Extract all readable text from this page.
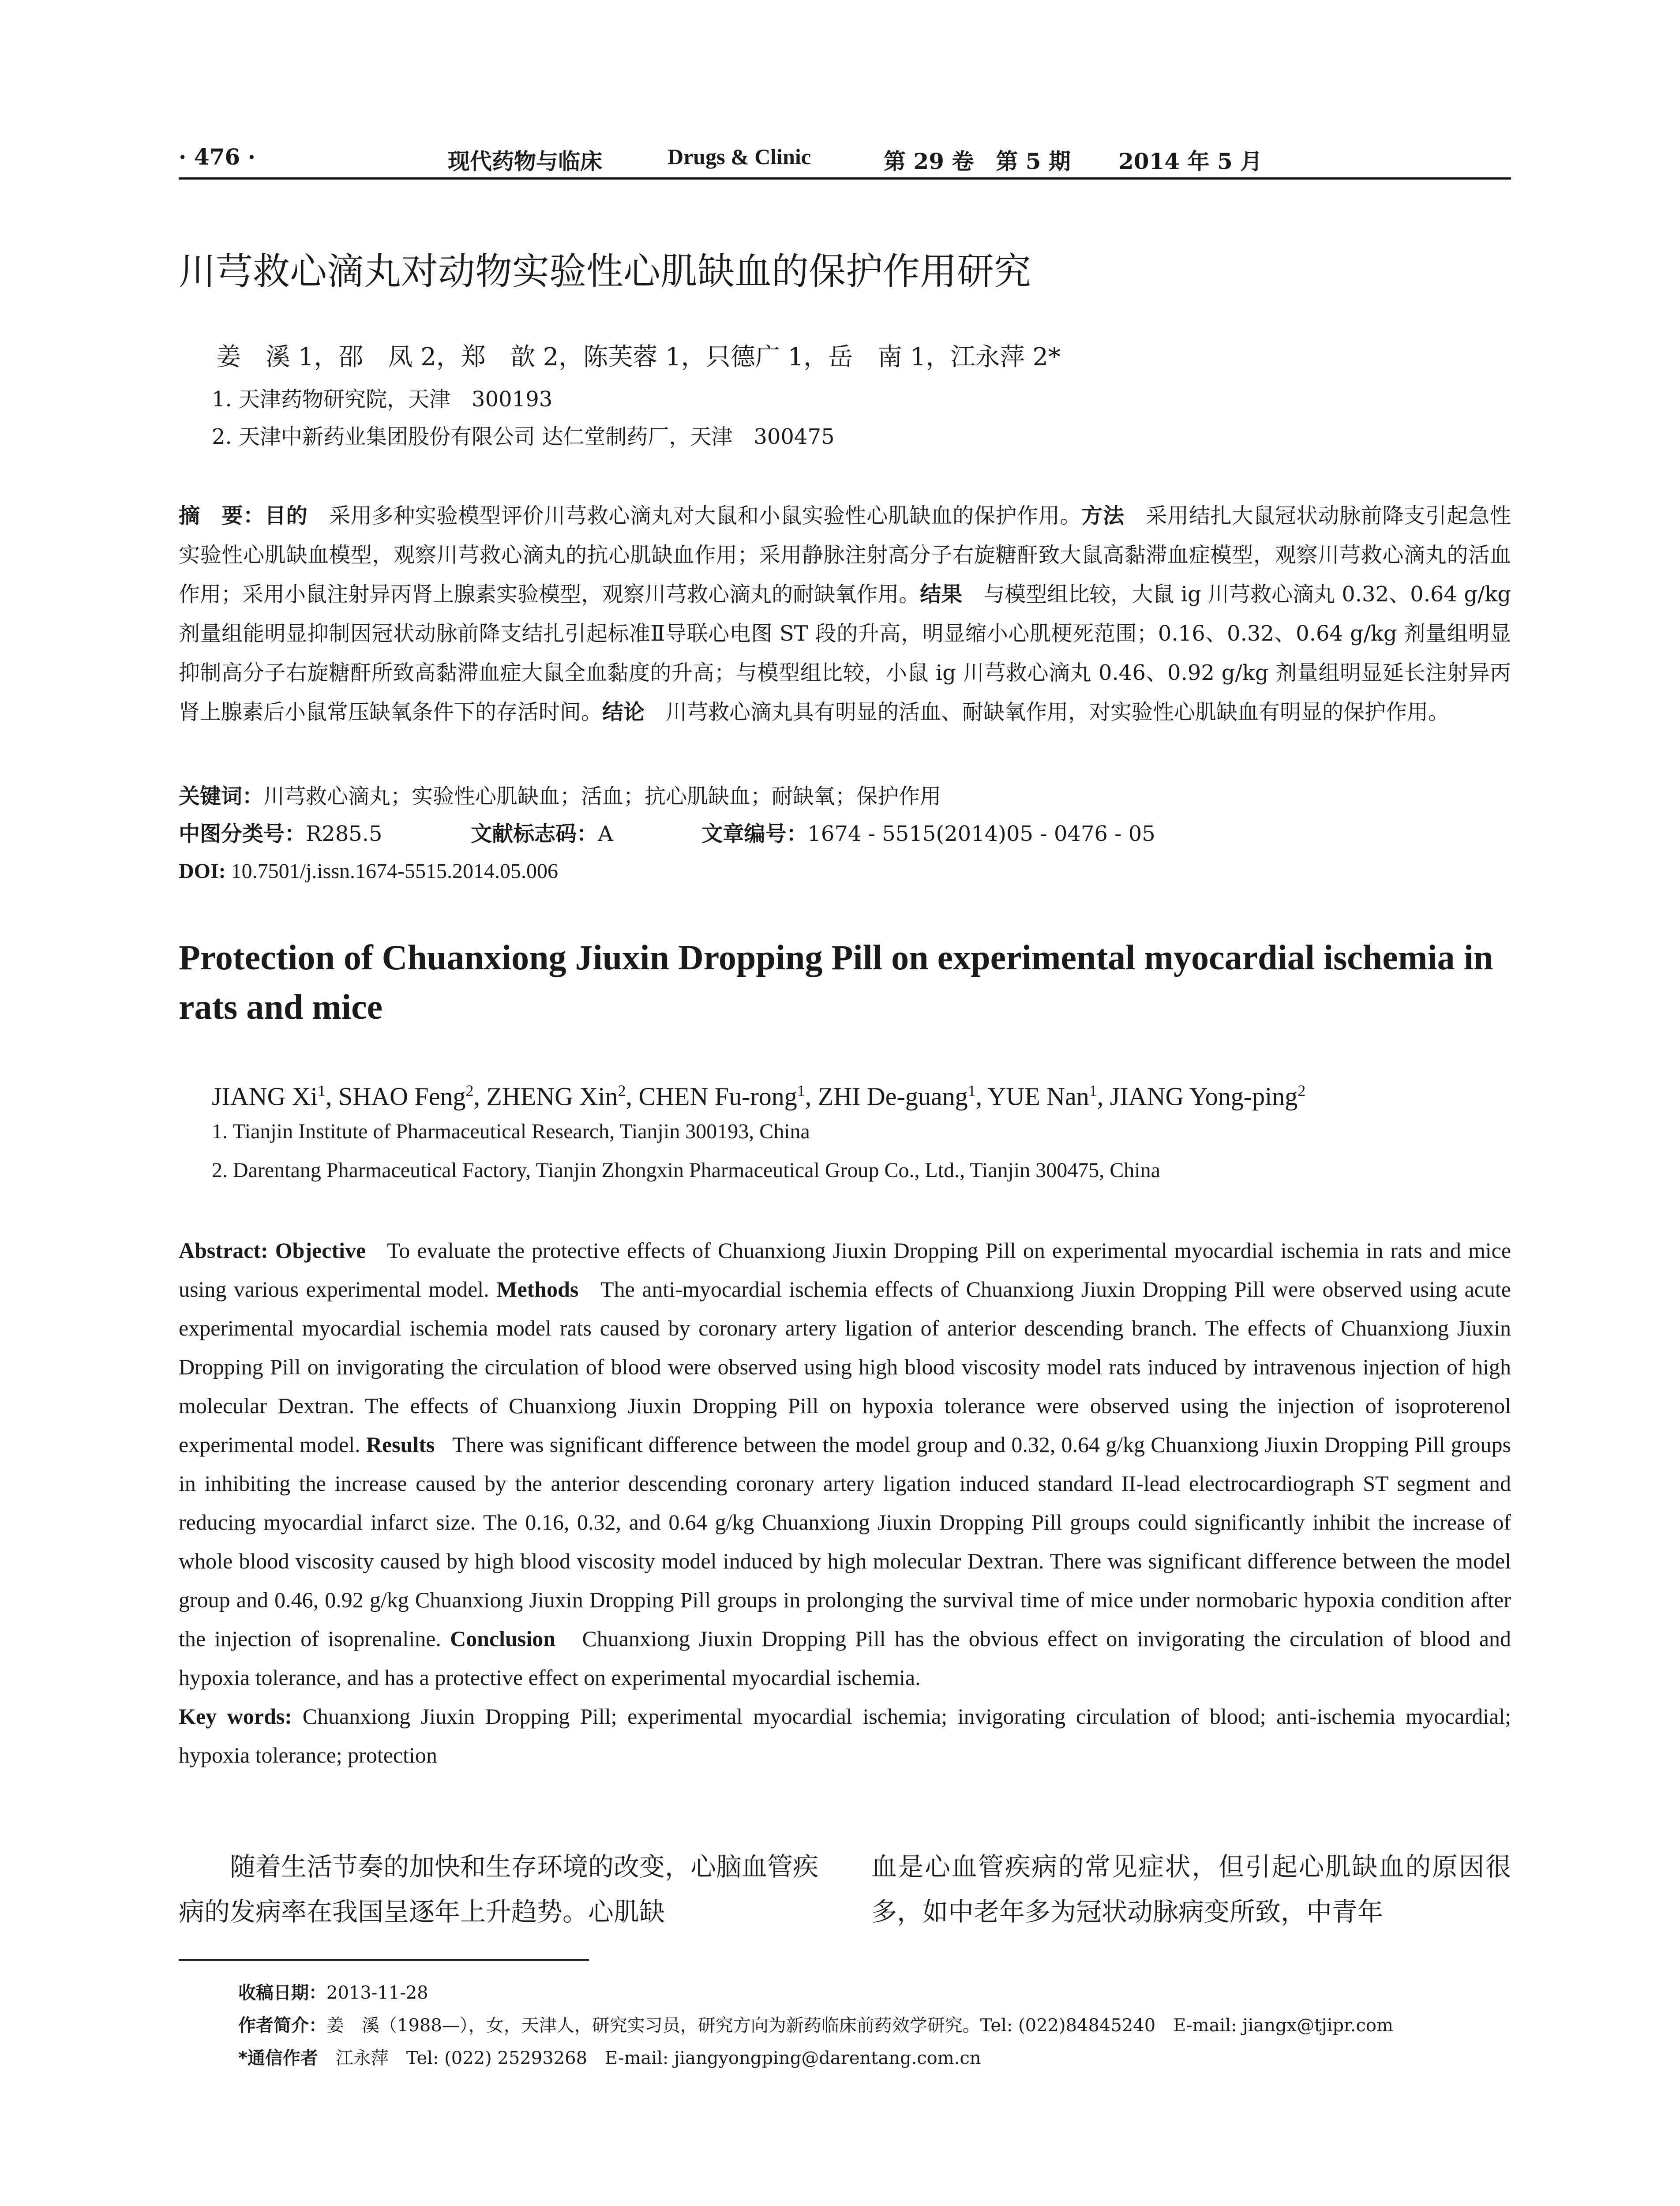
· 476 ·	现代药物与临床	Drugs & Clinic	第 29 卷　第 5 期 2014 年 5 月
川芎救心滴丸对动物实验性心肌缺血的保护作用研究
姜　溪 1，邵　凤 2，郑　歆 2，陈芙蓉 1，只德广 1，岳　南 1，江永萍 2*
1. 天津药物研究院，天津　300193
2. 天津中新药业集团股份有限公司 达仁堂制药厂，天津　300475

摘　要：目的　 采用多种实验模型评价川芎救心滴丸对大鼠和小鼠实验性心肌缺血的保护作用。方法　 采用结扎大鼠冠状动脉前降支引起急性实验性心肌缺血模型，观察川芎救心滴丸的抗心肌缺血作用；采用静脉注射高分子右旋糖酐致大鼠高黏滞血症模型，观察川芎救心滴丸的活血作用；采用小鼠注射异丙肾上腺素实验模型，观察川芎救心滴丸的耐缺氧作用。结果　 与模型组比较，大鼠 ig 川芎救心滴丸 0.32、0.64 g/kg 剂量组能明显抑制因冠状动脉前降支结扎引起标准Ⅱ导联心电图 ST 段的升高，明显缩小心肌梗死范围；0.16、0.32、0.64 g/kg 剂量组明显抑制高分子右旋糖酐所致高黏滞血症大鼠全血黏度的升高；与模型组比较，小鼠 ig 川芎救心滴丸 0.46、0.92 g/kg 剂量组明显延长注射异丙肾上腺素后小鼠常压缺氧条件下的存活时间。结论　 川芎救心滴丸具有明显的活血、耐缺氧作用，对实验性心肌缺血有明显的保护作用。

关键词：川芎救心滴丸；实验性心肌缺血；活血；抗心肌缺血；耐缺氧；保护作用
中图分类号：R285.5	文献标志码：A	文章编号：1674 - 5515(2014)05 - 0476 - 05
DOI: 10.7501/j.issn.1674-5515.2014.05.006
Protection of Chuanxiong Jiuxin Dropping Pill on experimental myocardial ischemia in rats and mice
JIANG Xi$^1$, SHAO Feng$^2$, ZHENG Xin$^2$, CHEN Fu-rong$^1$, ZHI De-guang$^1$, YUE Nan$^1$, JIANG Yong-ping$^2$
1. Tianjin Institute of Pharmaceutical Research, Tianjin 300193, China
2. Darentang Pharmaceutical Factory, Tianjin Zhongxin Pharmaceutical Group Co., Ltd., Tianjin 300475, China

Abstract: Objective To evaluate the protective effects of Chuanxiong Jiuxin Dropping Pill on experimental myocardial ischemia in rats and mice using various experimental model. Methods The anti-myocardial ischemia effects of Chuanxiong Jiuxin Dropping Pill were observed using acute experimental myocardial ischemia model rats caused by coronary artery ligation of anterior descending branch. The effects of Chuanxiong Jiuxin Dropping Pill on invigorating the circulation of blood were observed using high blood viscosity model rats induced by intravenous injection of high molecular Dextran. The effects of Chuanxiong Jiuxin Dropping Pill on hypoxia tolerance were observed using the injection of isoproterenol experimental model. Results There was significant difference between the model group and 0.32, 0.64 g/kg Chuanxiong Jiuxin Dropping Pill groups in inhibiting the increase caused by the anterior descending coronary artery ligation induced standard II-lead electrocardiograph ST segment and reducing myocardial infarct size. The 0.16, 0.32, and 0.64 g/kg Chuanxiong Jiuxin Dropping Pill groups could significantly inhibit the increase of whole blood viscosity caused by high blood viscosity model induced by high molecular Dextran. There was significant difference between the model group and 0.46, 0.92 g/kg Chuanxiong Jiuxin Dropping Pill groups in prolonging the survival time of mice under normobaric hypoxia condition after the injection of isoprenaline. Conclusion Chuanxiong Jiuxin Dropping Pill has the obvious effect on invigorating the circulation of blood and hypoxia tolerance, and has a protective effect on experimental myocardial ischemia.

Key words: Chuanxiong Jiuxin Dropping Pill; experimental myocardial ischemia; invigorating circulation of blood; anti-ischemia myocardial; hypoxia tolerance; protection

随着生活节奏的加快和生存环境的改变，心脑血管疾病的发病率在我国呈逐年上升趋势。心肌缺

血是心血管疾病的常见症状，但引起心肌缺血的原因很多，如中老年多为冠状动脉病变所致，中青年

收稿日期：2013-11-28

作者简介：姜　溪（1988—），女，天津人，研究实习员，研究方向为新药临床前药效学研究。Tel: (022)84845240　E-mail: jiangx@tjipr.com

*通信作者　 江永萍　Tel: (022) 25293268　E-mail: jiangyongping@darentang.com.cn
